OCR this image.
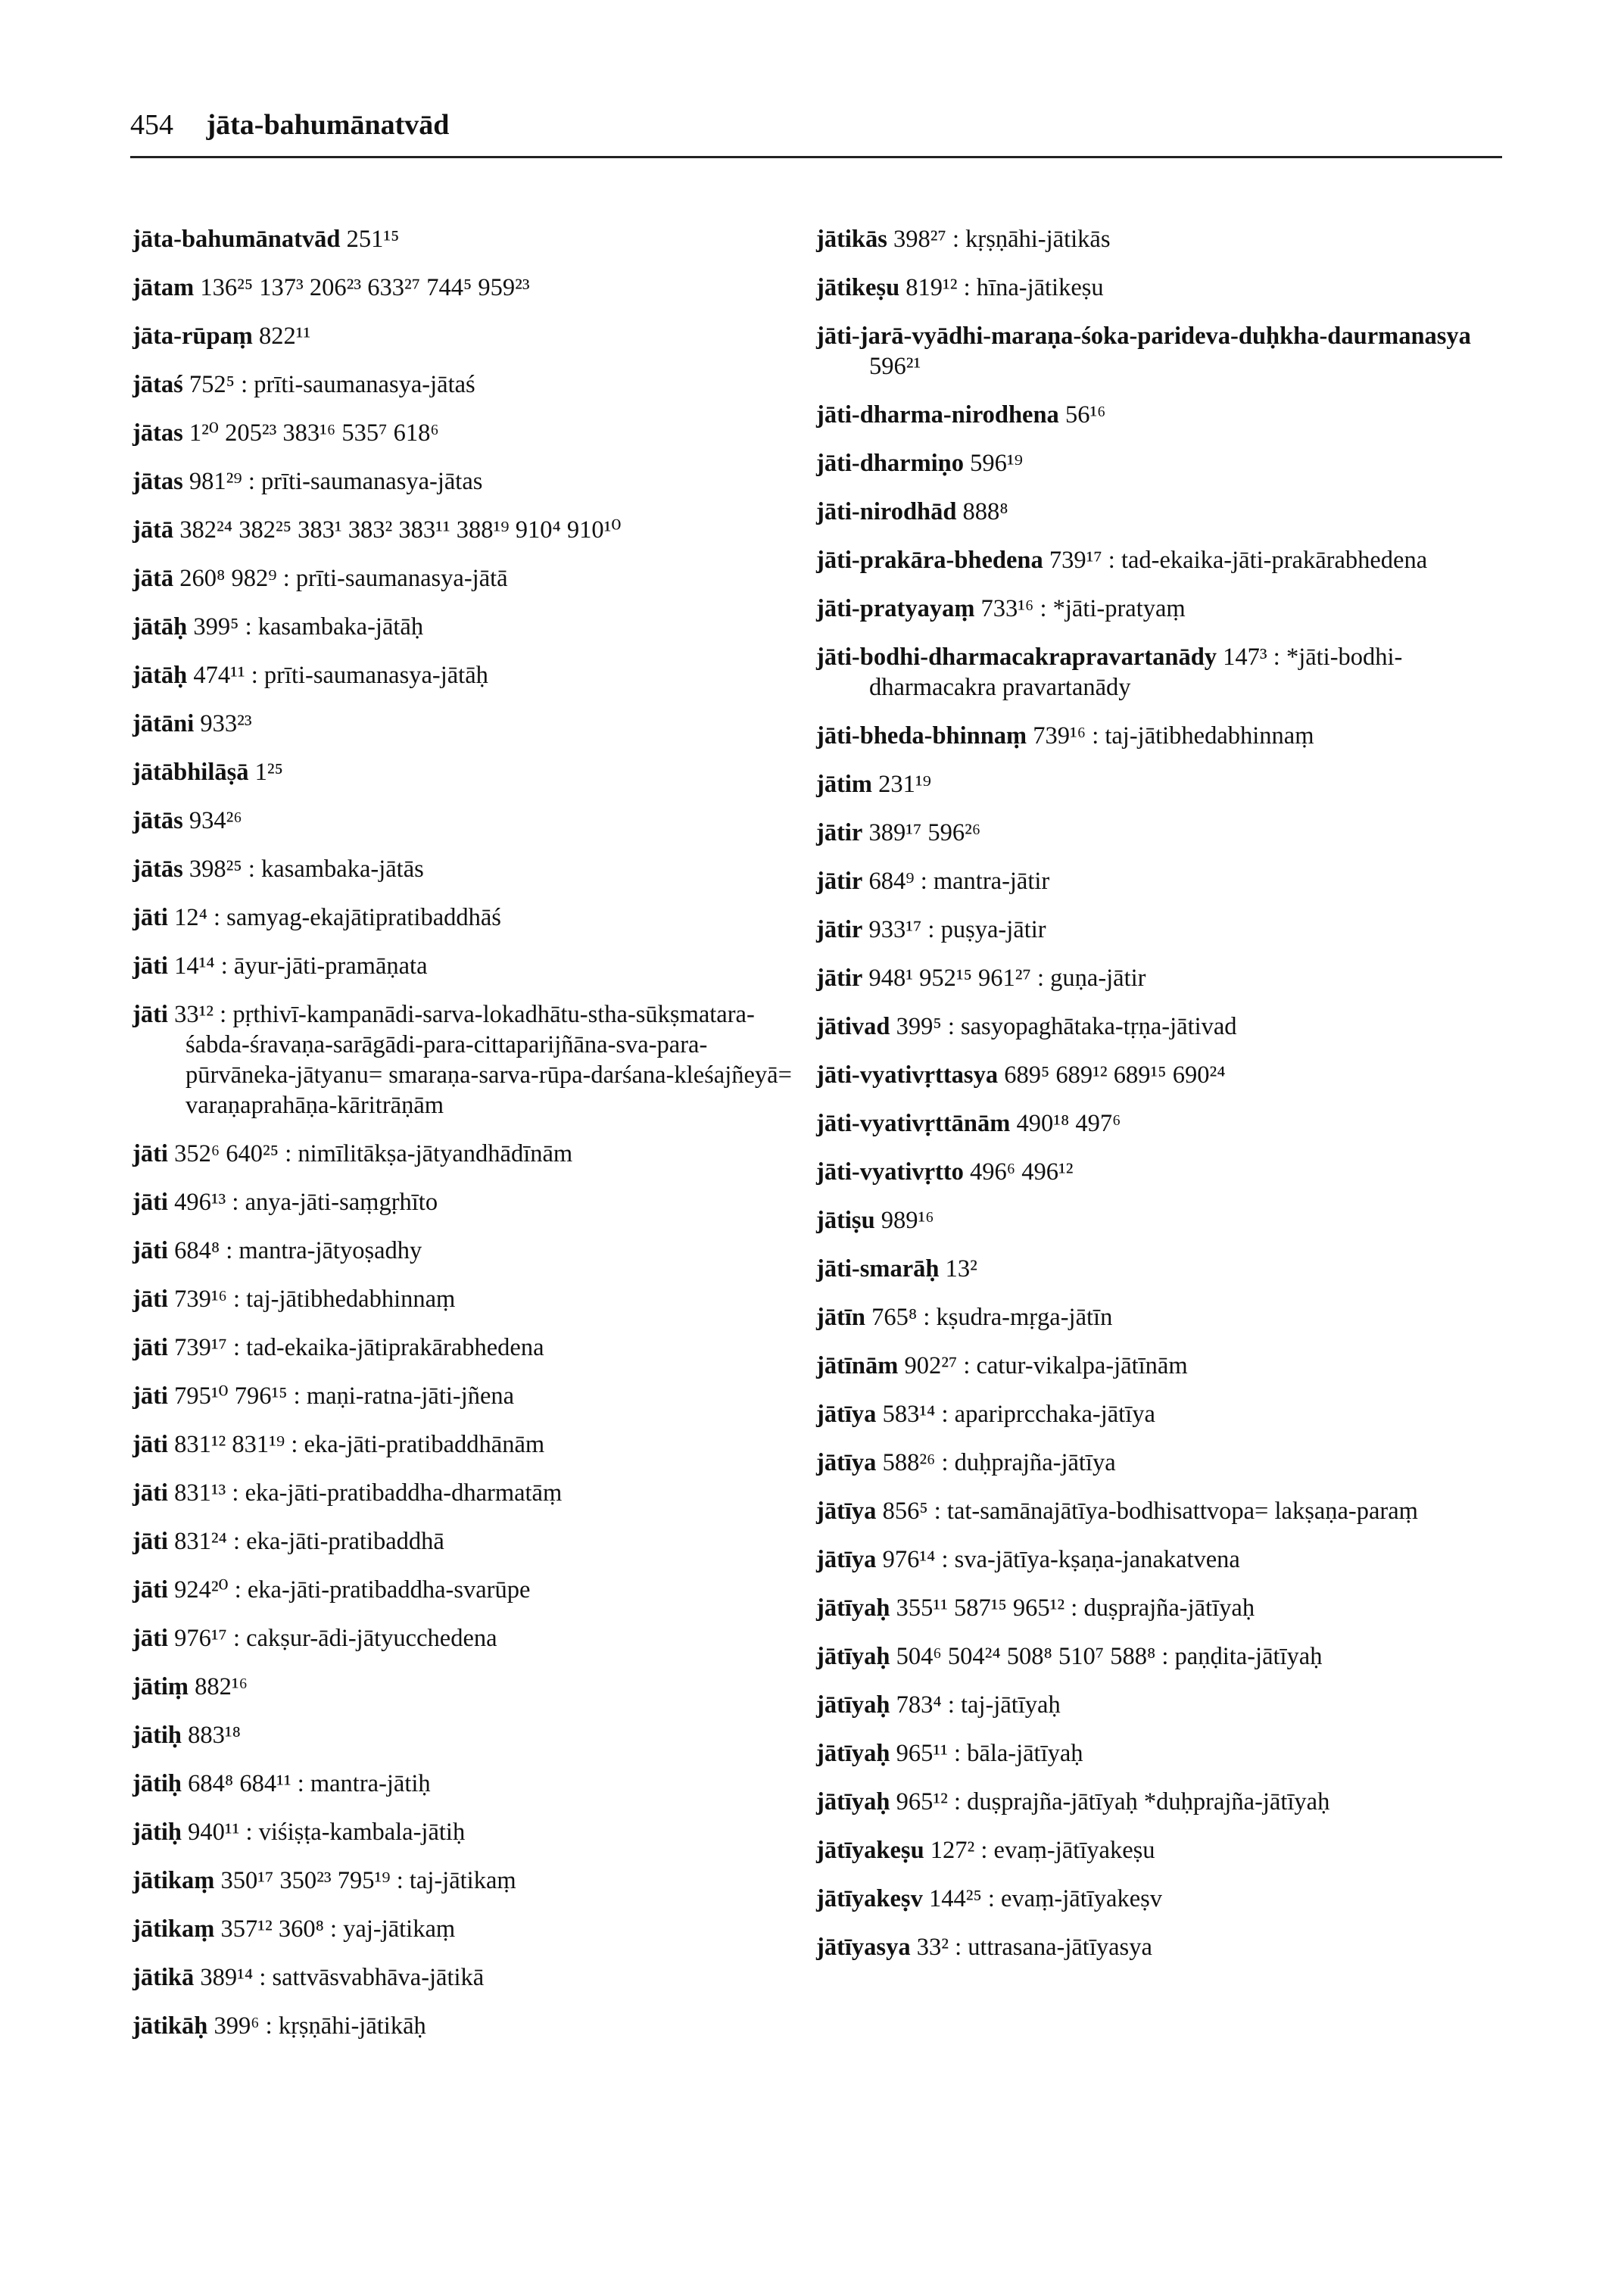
454 jāta-bahumānatvād
jāta-bahumānatvād 251¹⁵
jātam 136²⁵ 137³ 206²³ 633²⁷ 744⁵ 959²³
jāta-rūpaṃ 822¹¹
jātaś 752⁵ : prīti-saumanasya-jātaś
jātas 1²⁰ 205²³ 383¹⁶ 535⁷ 618⁶
jātas 981²⁹ : prīti-saumanasya-jātas
jātā 382²⁴ 382²⁵ 383¹ 383² 383¹¹ 388¹⁹ 910⁴ 910¹⁰
jātā 260⁸ 982⁹ : prīti-saumanasya-jātā
jātāḥ 399⁵ : kasambaka-jātāḥ
jātāḥ 474¹¹ : prīti-saumanasya-jātāḥ
jātāni 933²³
jātābhilāṣā 1²⁵
jātās 934²⁶
jātās 398²⁵ : kasambaka-jātās
jāti 12⁴ : samyag-ekajātipratibaddhāś
jāti 14¹⁴ : āyur-jāti-pramāṇata
jāti 33¹² : pṛthivī-kampanādi-sarva-lokadhātu-stha-sūkṣmatara-śabda-śravaṇa-sarāgādi-para-cittaparijñāna-sva-para-pūrvāneka-jātyanu= smaraṇa-sarva-rūpa-darśana-kleśajñeyā= varaṇaprahāṇa-kāritrāṇām
jāti 352⁶ 640²⁵ : nimīlitākṣa-jātyandhādīnām
jāti 496¹³ : anya-jāti-saṃgṛhīto
jāti 684⁸ : mantra-jātyoṣadhy
jāti 739¹⁶ : taj-jātibhedabhinnaṃ
jāti 739¹⁷ : tad-ekaika-jātiprakārabhedena
jāti 795¹⁰ 796¹⁵ : maṇi-ratna-jāti-jñena
jāti 831¹² 831¹⁹ : eka-jāti-pratibaddhānām
jāti 831¹³ : eka-jāti-pratibaddha-dharmatāṃ
jāti 831²⁴ : eka-jāti-pratibaddhā
jāti 924²⁰ : eka-jāti-pratibaddha-svarūpe
jāti 976¹⁷ : cakṣur-ādi-jātyucchedena
jātiṃ 882¹⁶
jātiḥ 883¹⁸
jātiḥ 684⁸ 684¹¹ : mantra-jātiḥ
jātiḥ 940¹¹ : viśiṣṭa-kambala-jātiḥ
jātikaṃ 350¹⁷ 350²³ 795¹⁹ : taj-jātikaṃ
jātikaṃ 357¹² 360⁸ : yaj-jātikaṃ
jātikā 389¹⁴ : sattvāsvabhāva-jātikā
jātikāḥ 399⁶ : kṛṣṇāhi-jātikāḥ
jātikās 398²⁷ : kṛṣṇāhi-jātikās
jātikeṣu 819¹² : hīna-jātikeṣu
jāti-jarā-vyādhi-maraṇa-śoka-parideva-duḥkha-daurmanasya 596²¹
jāti-dharma-nirodhena 56¹⁶
jāti-dharmiṇo 596¹⁹
jāti-nirodhād 888⁸
jāti-prakāra-bhedena 739¹⁷ : tad-ekaika-jāti-prakārabhedena
jāti-pratyayaṃ 733¹⁶ : *jāti-pratyaṃ
jāti-bodhi-dharmacakrapravartanādy 147³ : *jāti-bodhi-dharmacakra pravartanādy
jāti-bheda-bhinnaṃ 739¹⁶ : taj-jātibhedabhinnaṃ
jātim 231¹⁹
jātir 389¹⁷ 596²⁶
jātir 684⁹ : mantra-jātir
jātir 933¹⁷ : puṣya-jātir
jātir 948¹ 952¹⁵ 961²⁷ : guṇa-jātir
jātivad 399⁵ : sasyopaghātaka-tṛṇa-jātivad
jāti-vyativṛttasya 689⁵ 689¹² 689¹⁵ 690²⁴
jāti-vyativṛttānām 490¹⁸ 497⁶
jāti-vyativṛtto 496⁶ 496¹²
jātiṣu 989¹⁶
jāti-smarāḥ 13²
jātīn 765⁸ : kṣudra-mṛga-jātīn
jātīnām 902²⁷ : catur-vikalpa-jātīnām
jātīya 583¹⁴ : apariprcchaka-jātīya
jātīya 588²⁶ : duḥprajña-jātīya
jātīya 856⁵ : tat-samānajātīya-bodhisattvopa= lakṣaṇa-paraṃ
jātīya 976¹⁴ : sva-jātīya-kṣaṇa-janakatvena
jātīyaḥ 355¹¹ 587¹⁵ 965¹² : duṣprajña-jātīyaḥ
jātīyaḥ 504⁶ 504²⁴ 508⁸ 510⁷ 588⁸ : paṇḍita-jātīyaḥ
jātīyaḥ 783⁴ : taj-jātīyaḥ
jātīyaḥ 965¹¹ : bāla-jātīyaḥ
jātīyaḥ 965¹² : duṣprajña-jātīyaḥ *duḥprajña-jātīyaḥ
jātīyakeṣu 127² : evaṃ-jātīyakeṣu
jātīyakeṣv 144²⁵ : evaṃ-jātīyakeṣv
jātīyasya 33² : uttrasana-jātīyasya
